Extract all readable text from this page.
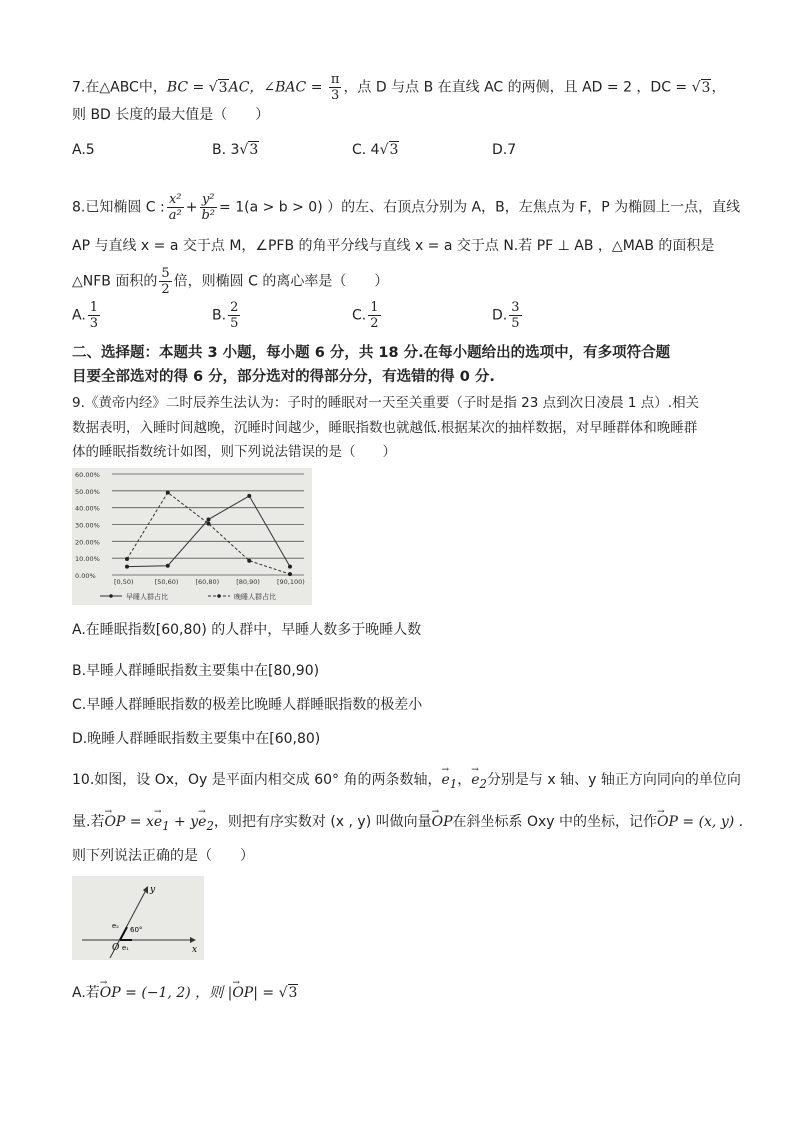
7.在△ABC中，BC = √3AC，∠BAC = $\frac{\pi}{3}$ ，点 D 与点 B 在直线 AC 的两侧，且 AD = 2 ，DC = √3，
则 BD 长度的最大值是（　　）
A.5	B. 3√3	C. 4√3	D.7
8.已知椭圆 C : $\frac{\text{x²}}{\text{a²}} + \frac{\text{y²}}{\text{b²}} = 1(a > b > 0)$ ）的左、右顶点分别为 A，B，左焦点为 F，P 为椭圆上一点，直线
AP 与直线 x = a 交于点 M，∠PFB 的角平分线与直线 x = a 交于点 N.若 PF ⊥ AB ，△MAB 的面积是
△NFB 面积的 $\frac{5}{2}$ 倍，则椭圆 C 的离心率是（　　）
A. $\frac{1}{3}$	B. $\frac{2}{5}$	C. $\frac{1}{2}$	D. $\frac{3}{5}$
二、选择题：本题共 3 小题，每小题 6 分，共 18 分.在每小题给出的选项中，有多项符合题
目要全部选对的得 6 分，部分选对的得部分分，有选错的得 0 分.
9.《黄帝内经》二时辰养生法认为：子时的睡眠对一天至关重要（子时是指 23 点到次日凌晨 1 点）.相关
数据表明，入睡时间越晚，沉睡时间越少，睡眠指数也就越低.根据某次的抽样数据，对早睡群体和晚睡群
体的睡眠指数统计如图，则下列说法错误的是（　　）
60.00%
50.00%
40.00%
30.00%
20.00%
10.00%
0.00%
[0,50)	[50,60)	[60,80)	[80,90)	[90,100)
早睡人群占比	晚睡人群占比
A.在睡眠指数[60,80) 的人群中，早睡人数多于晚睡人数
B.早睡人群睡眠指数主要集中在[80,90)
C.早睡人群睡眠指数的极差比晚睡人群睡眠指数的极差小
D.晚睡人群睡眠指数主要集中在[60,80)
10.如图，设 Ox，Oy 是平面内相交成 60° 角的两条数轴，→ $e_1$，→ $e_2$分别是与 x 轴、y 轴正方向同向的单位向
量.若→ OP = $x\to e_1 + y\to e_2$，则把有序实数对 (x , y) 叫做向量→ OP在斜坐标系 Oxy 中的坐标，记作→ OP = (x, y) .
则下列说法正确的是（　　）
x
y
O
60°
e₁
e₂
A.若→ OP = (−1, 2) ，则 |→ OP| = √3
